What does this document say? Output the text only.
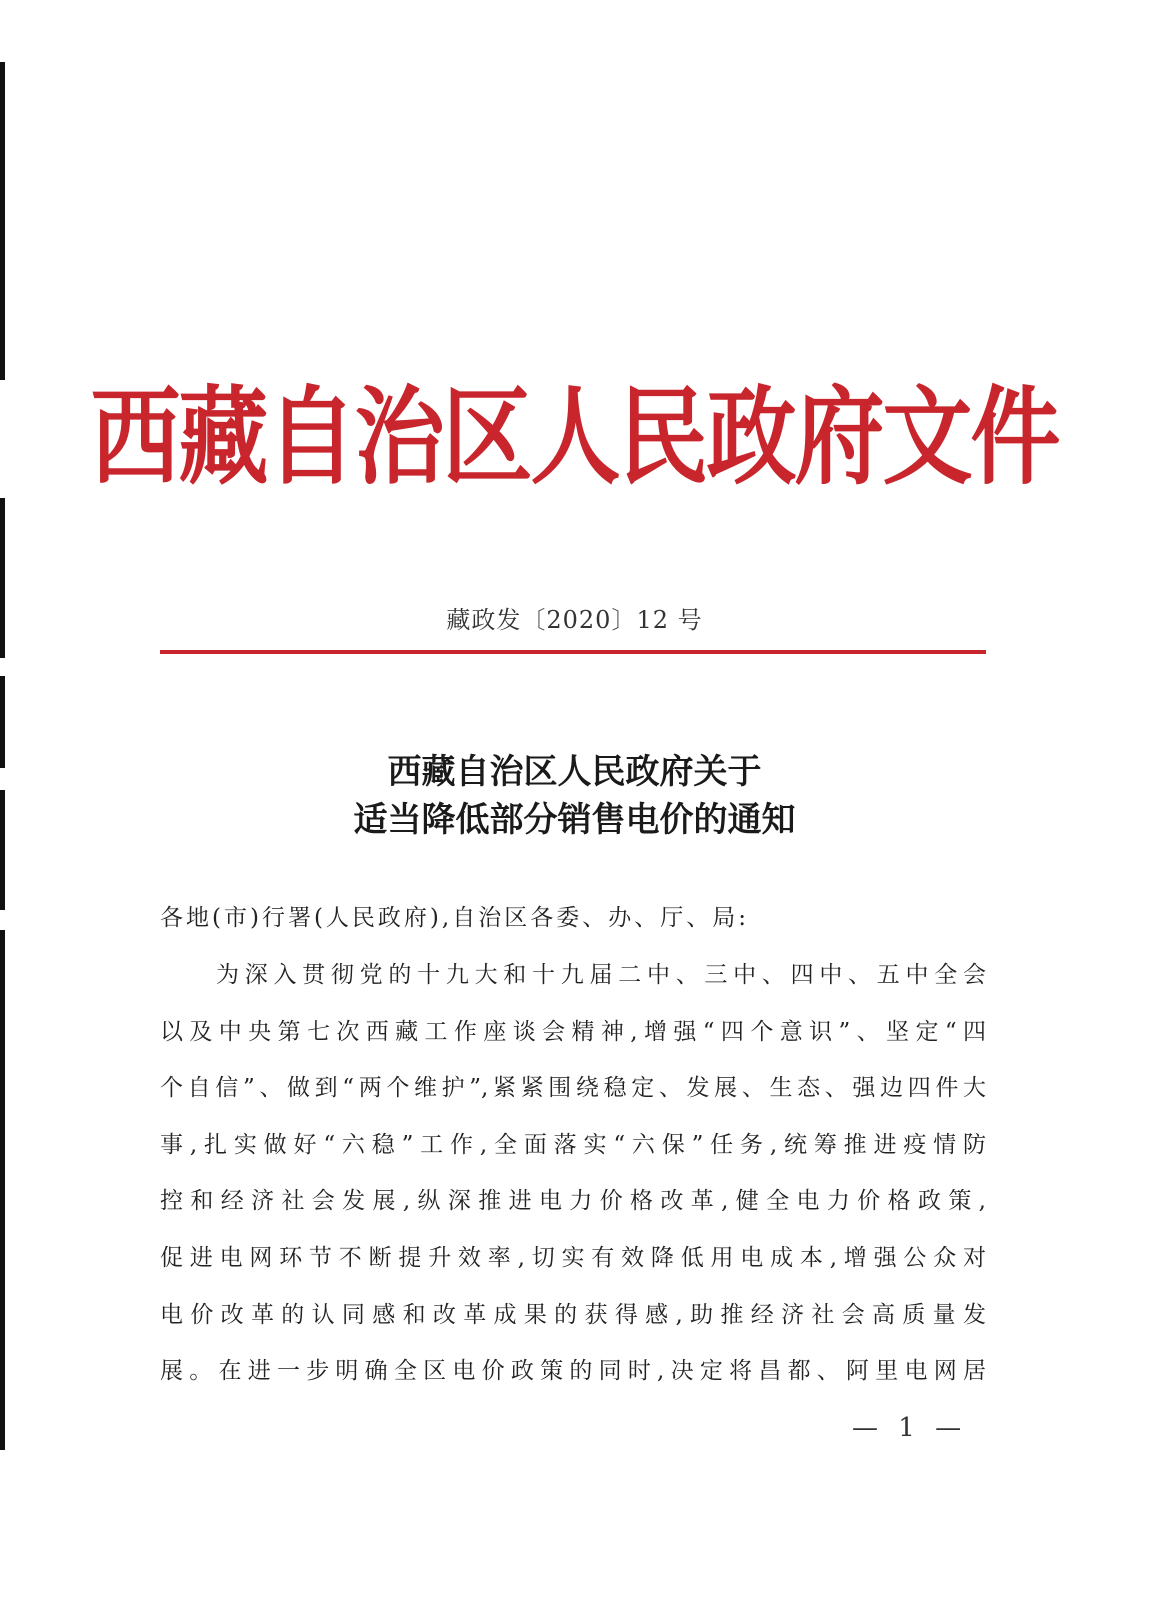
西藏自治区人民政府文件
藏政发〔2020〕12 号
西藏自治区人民政府关于
适当降低部分销售电价的通知
各地(市)行署(人民政府),自治区各委、办、厅、局:
为深入贯彻党的十九大和十九届二中、三中、四中、五中全会
以及中央第七次西藏工作座谈会精神,增强“四个意识”、坚定“四
个自信”、做到“两个维护”,紧紧围绕稳定、发展、生态、强边四件大
事,扎实做好“六稳”工作,全面落实“六保”任务,统筹推进疫情防
控和经济社会发展,纵深推进电力价格改革,健全电力价格政策,
促进电网环节不断提升效率,切实有效降低用电成本,增强公众对
电价改革的认同感和改革成果的获得感,助推经济社会高质量发
展。在进一步明确全区电价政策的同时,决定将昌都、阿里电网居
— 1 —
